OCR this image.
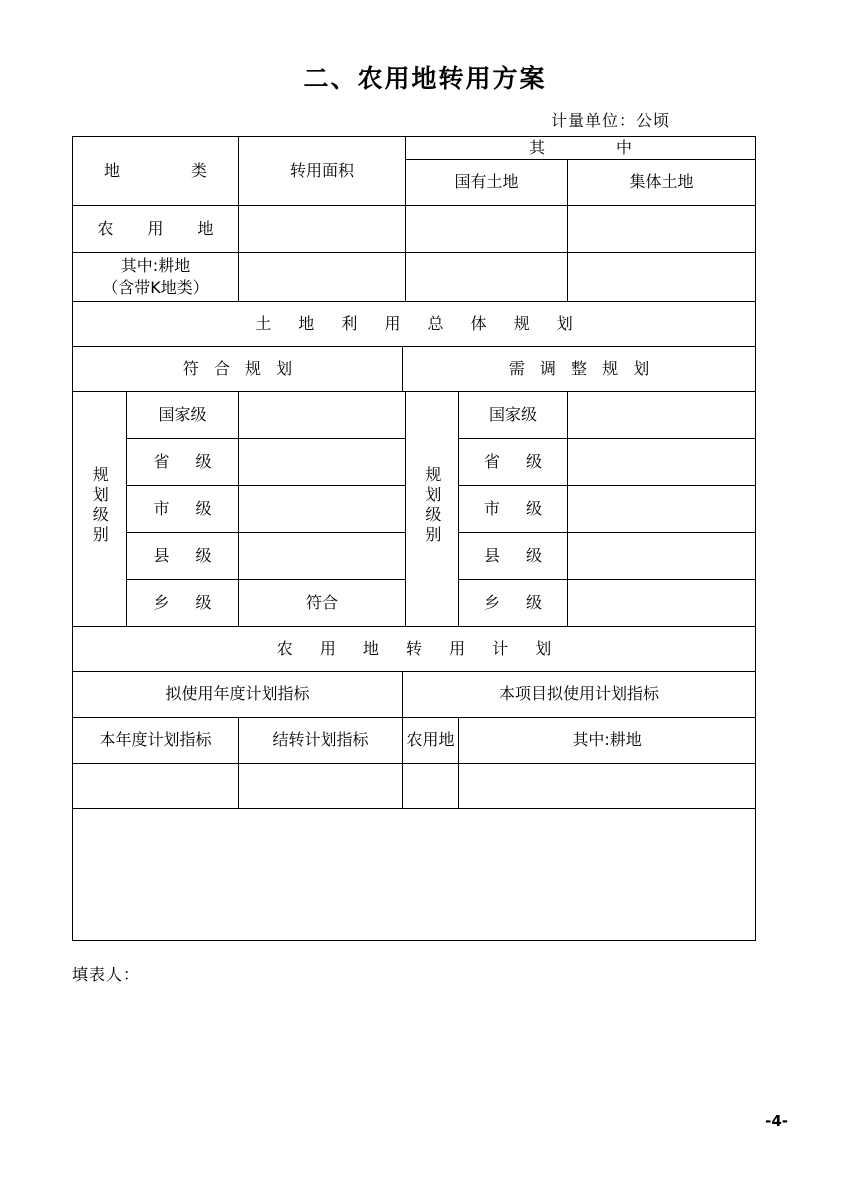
二、农用地转用方案
计量单位：公顷
地　　类		转用面积		其　　中		
				国有土地		集体土地
农　用　地						
其中:耕地
（含带K地类）						
土 地 利 用 总 体 规 划						
符 合 规 划			需 调 整 规 划			
规划级别	国家级			规划级别	国家级	
	省　级				省　级	
	市　级				市　级	
	县　级				县　级	
	乡　级	符合			乡　级	
农 用 地 转 用 计 划						
拟使用年度计划指标			本项目拟使用计划指标			
本年度计划指标		结转计划指标	农用地		其中:耕地	

填表人：
-4-
